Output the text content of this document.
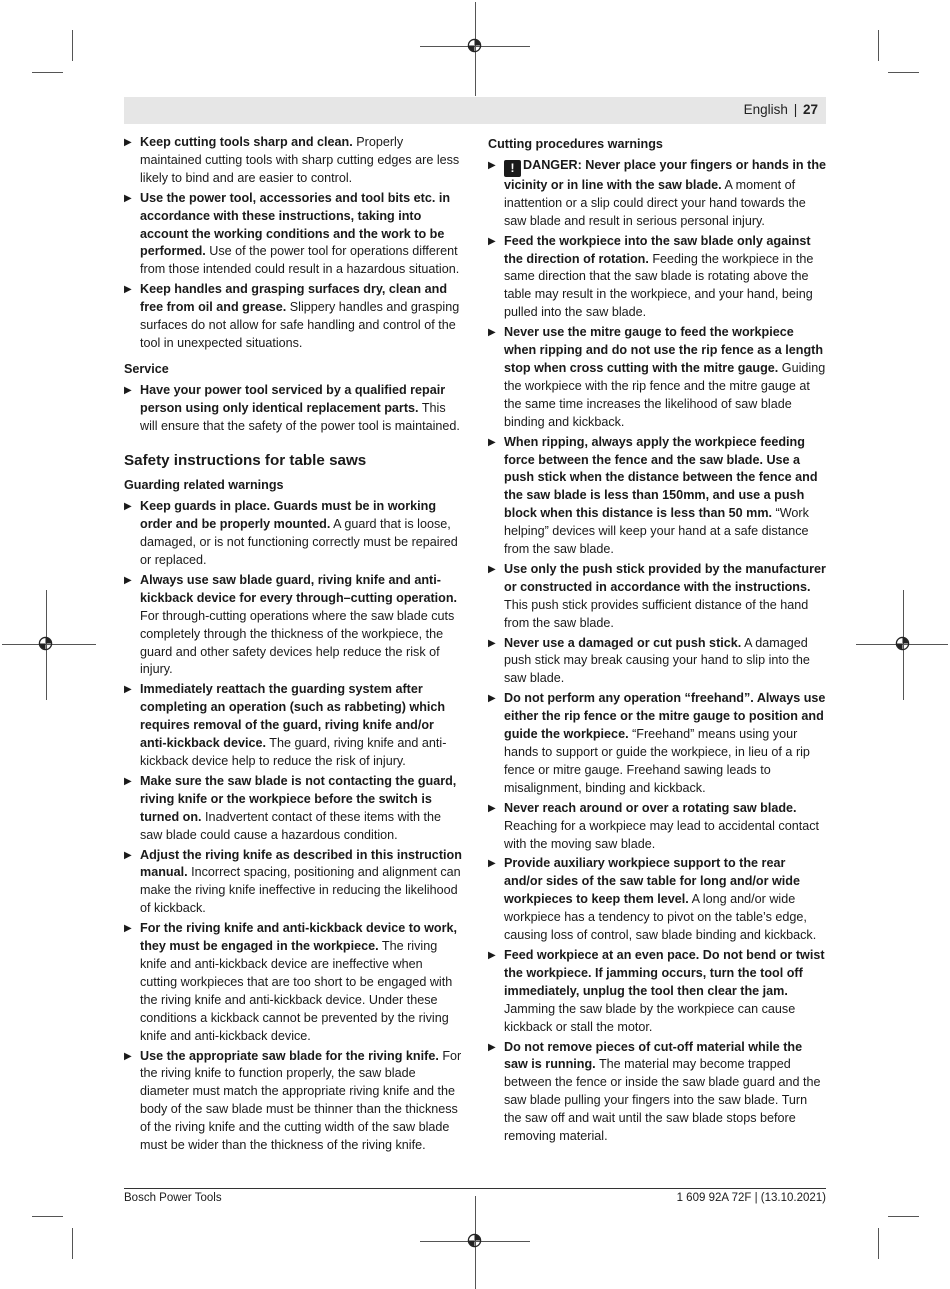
English | 27
▶ Keep cutting tools sharp and clean. Properly maintained cutting tools with sharp cutting edges are less likely to bind and are easier to control.
▶ Use the power tool, accessories and tool bits etc. in accordance with these instructions, taking into account the working conditions and the work to be performed. Use of the power tool for operations different from those intended could result in a hazardous situation.
▶ Keep handles and grasping surfaces dry, clean and free from oil and grease. Slippery handles and grasping surfaces do not allow for safe handling and control of the tool in unexpected situations.
Service
▶ Have your power tool serviced by a qualified repair person using only identical replacement parts. This will ensure that the safety of the power tool is maintained.
Safety instructions for table saws
Guarding related warnings
▶ Keep guards in place. Guards must be in working order and be properly mounted. A guard that is loose, damaged, or is not functioning correctly must be repaired or replaced.
▶ Always use saw blade guard, riving knife and anti-kickback device for every through–cutting operation. For through-cutting operations where the saw blade cuts completely through the thickness of the workpiece, the guard and other safety devices help reduce the risk of injury.
▶ Immediately reattach the guarding system after completing an operation (such as rabbeting) which requires removal of the guard, riving knife and/or anti-kickback device. The guard, riving knife and anti-kickback device help to reduce the risk of injury.
▶ Make sure the saw blade is not contacting the guard, riving knife or the workpiece before the switch is turned on. Inadvertent contact of these items with the saw blade could cause a hazardous condition.
▶ Adjust the riving knife as described in this instruction manual. Incorrect spacing, positioning and alignment can make the riving knife ineffective in reducing the likelihood of kickback.
▶ For the riving knife and anti-kickback device to work, they must be engaged in the workpiece. The riving knife and anti-kickback device are ineffective when cutting workpieces that are too short to be engaged with the riving knife and anti-kickback device. Under these conditions a kickback cannot be prevented by the riving knife and anti-kickback device.
▶ Use the appropriate saw blade for the riving knife. For the riving knife to function properly, the saw blade diameter must match the appropriate riving knife and the body of the saw blade must be thinner than the thickness of the riving knife and the cutting width of the saw blade must be wider than the thickness of the riving knife.
Cutting procedures warnings
▶ ! DANGER: Never place your fingers or hands in the vicinity or in line with the saw blade. A moment of inattention or a slip could direct your hand towards the saw blade and result in serious personal injury.
▶ Feed the workpiece into the saw blade only against the direction of rotation. Feeding the workpiece in the same direction that the saw blade is rotating above the table may result in the workpiece, and your hand, being pulled into the saw blade.
▶ Never use the mitre gauge to feed the workpiece when ripping and do not use the rip fence as a length stop when cross cutting with the mitre gauge. Guiding the workpiece with the rip fence and the mitre gauge at the same time increases the likelihood of saw blade binding and kickback.
▶ When ripping, always apply the workpiece feeding force between the fence and the saw blade. Use a push stick when the distance between the fence and the saw blade is less than 150mm, and use a push block when this distance is less than 50 mm. “Work helping” devices will keep your hand at a safe distance from the saw blade.
▶ Use only the push stick provided by the manufacturer or constructed in accordance with the instructions. This push stick provides sufficient distance of the hand from the saw blade.
▶ Never use a damaged or cut push stick. A damaged push stick may break causing your hand to slip into the saw blade.
▶ Do not perform any operation “freehand”. Always use either the rip fence or the mitre gauge to position and guide the workpiece. “Freehand” means using your hands to support or guide the workpiece, in lieu of a rip fence or mitre gauge. Freehand sawing leads to misalignment, binding and kickback.
▶ Never reach around or over a rotating saw blade. Reaching for a workpiece may lead to accidental contact with the moving saw blade.
▶ Provide auxiliary workpiece support to the rear and/or sides of the saw table for long and/or wide workpieces to keep them level. A long and/or wide workpiece has a tendency to pivot on the table’s edge, causing loss of control, saw blade binding and kickback.
▶ Feed workpiece at an even pace. Do not bend or twist the workpiece. If jamming occurs, turn the tool off immediately, unplug the tool then clear the jam. Jamming the saw blade by the workpiece can cause kickback or stall the motor.
▶ Do not remove pieces of cut-off material while the saw is running. The material may become trapped between the fence or inside the saw blade guard and the saw blade pulling your fingers into the saw blade. Turn the saw off and wait until the saw blade stops before removing material.
Bosch Power Tools	1 609 92A 72F | (13.10.2021)
